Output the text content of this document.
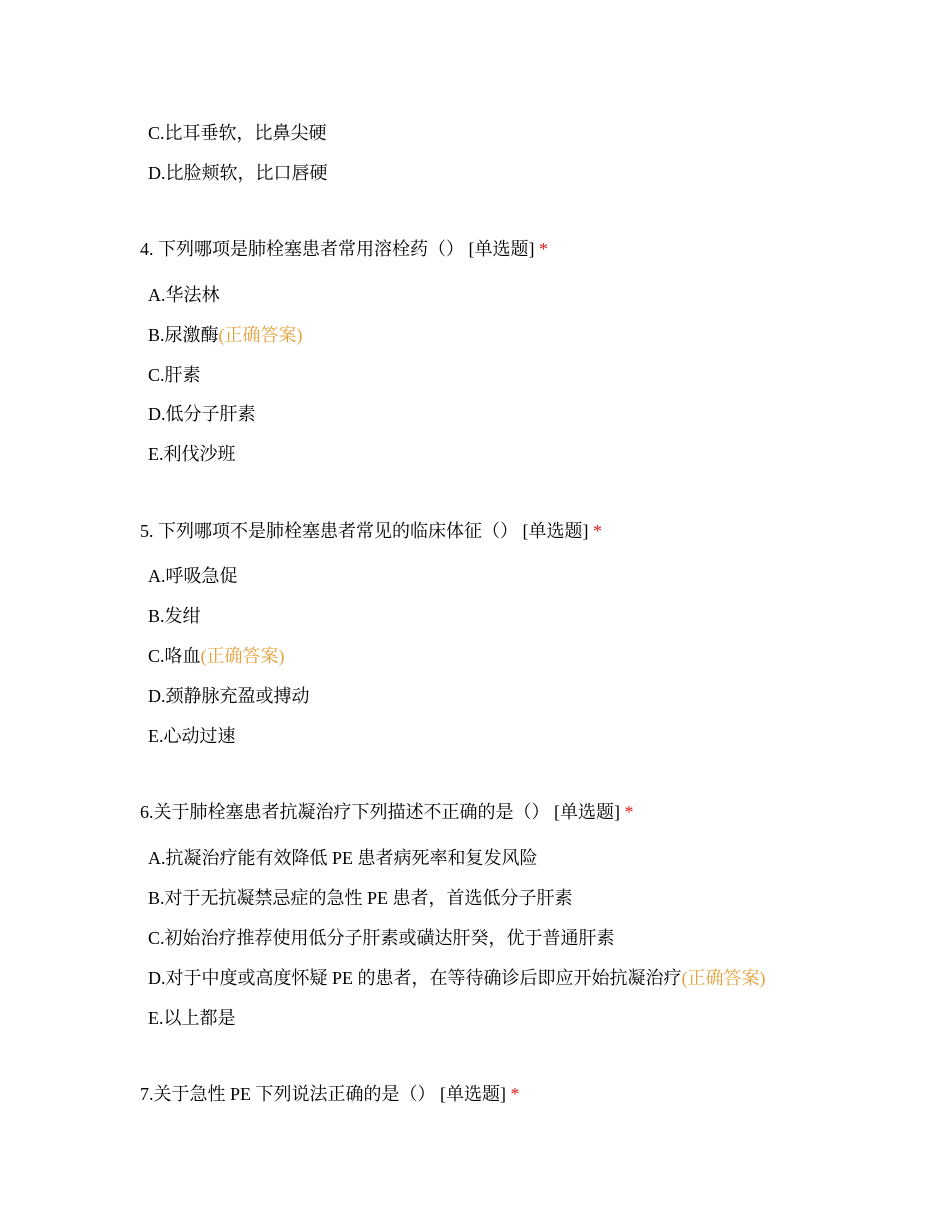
C.比耳垂软，比鼻尖硬
D.比脸颊软，比口唇硬
4. 下列哪项是肺栓塞患者常用溶栓药（） [单选题] *
A.华法林
B.尿激酶(正确答案)
C.肝素
D.低分子肝素
E.利伐沙班
5. 下列哪项不是肺栓塞患者常见的临床体征（） [单选题] *
A.呼吸急促
B.发绀
C.咯血(正确答案)
D.颈静脉充盈或搏动
E.心动过速
6.关于肺栓塞患者抗凝治疗下列描述不正确的是（） [单选题] *
A.抗凝治疗能有效降低 PE 患者病死率和复发风险
B.对于无抗凝禁忌症的急性 PE 患者，首选低分子肝素
C.初始治疗推荐使用低分子肝素或磺达肝癸，优于普通肝素
D.对于中度或高度怀疑 PE 的患者，在等待确诊后即应开始抗凝治疗(正确答案)
E.以上都是
7.关于急性 PE 下列说法正确的是（） [单选题] *
